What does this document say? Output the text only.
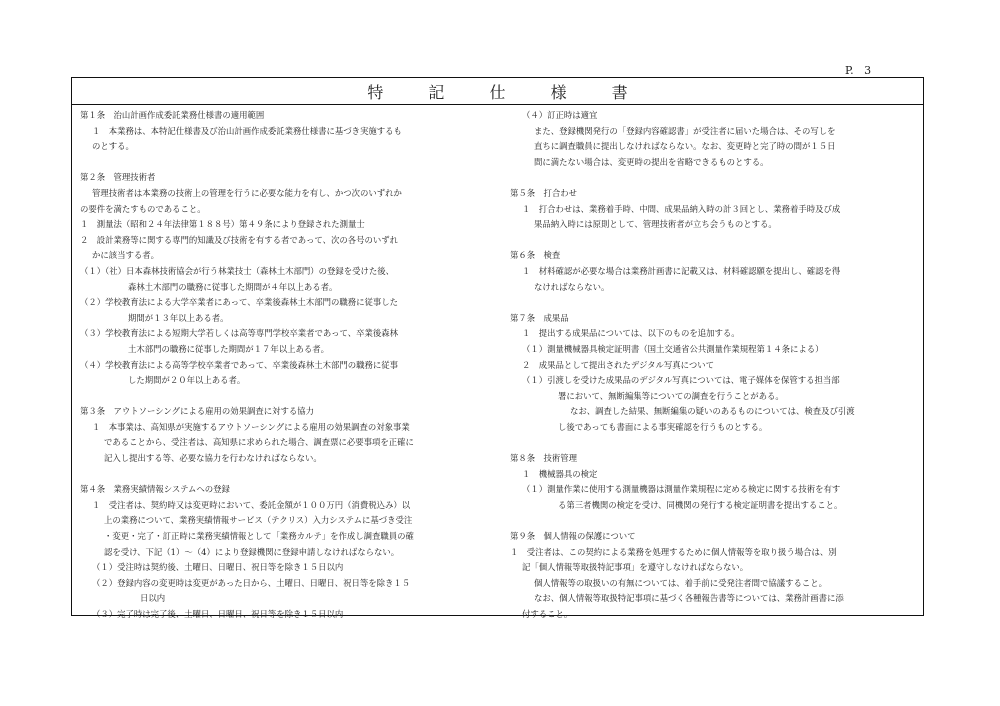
P.   3
特 記 仕 様 書
第１条　治山計画作成委託業務仕様書の適用範囲
１　本業務は、本特記仕様書及び治山計画作成委託業務仕様書に基づき実施するも
のとする。
第２条　管理技術者
管理技術者は本業務の技術上の管理を行うに必要な能力を有し、かつ次のいずれか
の要件を満たすものであること。
１　測量法（昭和２４年法律第１８８号）第４９条により登録された測量士
２　設計業務等に関する専門的知識及び技術を有する者であって、次の各号のいずれ
かに該当する者。
（１）（社）日本森林技術協会が行う林業技士（森林土木部門）の登録を受けた後、
森林土木部門の職務に従事した期間が４年以上ある者。
（２）学校教育法による大学卒業者にあって、卒業後森林土木部門の職務に従事した
期間が１３年以上ある者。
（３）学校教育法による短期大学若しくは高等専門学校卒業者であって、卒業後森林
土木部門の職務に従事した期間が１７年以上ある者。
（４）学校教育法による高等学校卒業者であって、卒業後森林土木部門の職務に従事
した期間が２０年以上ある者。
第３条　アウトソーシングによる雇用の効果調査に対する協力
１　本事業は、高知県が実施するアウトソーシングによる雇用の効果調査の対象事業
であることから、受注者は、高知県に求められた場合、調査票に必要事項を正確に
記入し提出する等、必要な協力を行わなければならない。
第４条　業務実績情報システムへの登録
１　受注者は、契約時又は変更時において、委託金額が１００万円（消費税込み）以
上の業務について、業務実績情報サービス（テクリス）入力システムに基づき受注
・変更・完了・訂正時に業務実績情報として「業務カルテ」を作成し調査職員の確
認を受け、下記（1）～（4）により登録機関に登録申請しなければならない。
（１）受注時は契約後、土曜日、日曜日、祝日等を除き１５日以内
（２）登録内容の変更時は変更があった日から、土曜日、日曜日、祝日等を除き１５
日以内
（３）完了時は完了後、土曜日、日曜日、祝日等を除き１５日以内
（４）訂正時は適宜
また、登録機関発行の「登録内容確認書」が受注者に届いた場合は、その写しを
直ちに調査職員に提出しなければならない。なお、変更時と完了時の間が１５日
間に満たない場合は、変更時の提出を省略できるものとする。
第５条　打合わせ
１　打合わせは、業務着手時、中間、成果品納入時の計３回とし、業務着手時及び成
果品納入時には原則として、管理技術者が立ち会うものとする。
第６条　検査
１　材料確認が必要な場合は業務計画書に記載又は、材料確認願を提出し、確認を得
なければならない。
第７条　成果品
１　提出する成果品については、以下のものを追加する。
（１）測量機械器具検定証明書（国土交通省公共測量作業規程第１４条による）
２　成果品として提出されたデジタル写真について
（１）引渡しを受けた成果品のデジタル写真については、電子媒体を保管する担当部
署において、無断編集等についての調査を行うことがある。
なお、調査した結果、無断編集の疑いのあるものについては、検査及び引渡
し後であっても書面による事実確認を行うものとする。
第８条　技術管理
１　機械器具の検定
（１）測量作業に使用する測量機器は測量作業規程に定める検定に関する技術を有す
る第三者機関の検定を受け、同機関の発行する検定証明書を提出すること。
第９条　個人情報の保護について
１　受注者は、この契約による業務を処理するために個人情報等を取り扱う場合は、別
記「個人情報等取扱特記事項」を遵守しなければならない。
個人情報等の取扱いの有無については、着手前に受発注者間で協議すること。
なお、個人情報等取扱特記事項に基づく各種報告書等については、業務計画書に添
付すること。
